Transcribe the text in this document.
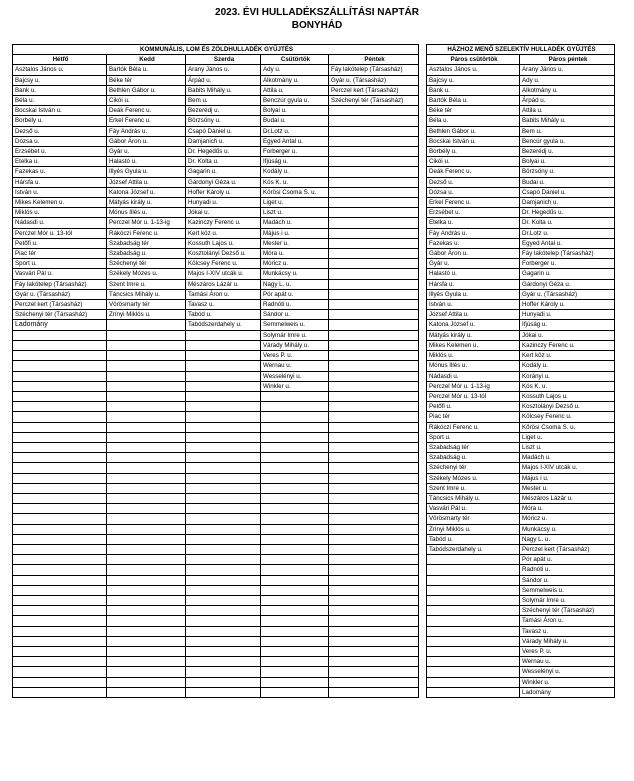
2023. ÉVI HULLADÉKSZÁLLÍTÁSI NAPTÁR
BONYHÁD
KOMMUNÁLIS, LOM ÉS ZÖLDHULLADÉK GYŰJTÉS						HÁZHOZ MENŐ SZELEKTÍV HULLADÉK GYŰJTÉS	
Hétfő	Kedd	Szerda	Csütörtök	Péntek		Páros csütörtök	Páros péntek
Asztalos János u.	Bartók Béla u.	Arany János u.	Ady u.	Fáy lakótelep (Társasház)		Asztalos János u.	Arany János u.
Bajcsy u.	Béke tér	Árpád u.	Alkotmány u.	Gyár u. (Társasház)		Bajcsy u.	Ady u.
Bank u.	Bethlen Gábor u.	Babits Mihály u.	Attila u.	Perczel kert (Társasház)		Bank u.	Alkotmány u.
Béla u.	Cikói u.	Bem u.	Benczúr gyula u.	Széchenyi tér (Társasház)		Bartók Béla u.	Árpád u.
Bocskai István u.	Deák Ferenc u.	Bezerédj u.	Bolyai u.			Béke tér	Attila u.
Borbély u.	Erkel Ferenc u.	Börzsöny u.	Budai u.			Béla u.	Babits Mihály u.
Dezső u.	Fáy András u.	Csapó Dániel u.	Dr.Lotz u.			Bethlen Gábor u.	Bem u.
Dózsa u.	Gábor Áron u.	Damjanich u.	Egyed Antal u.			Bocskai István u.	Bencúr gyula u.
Erzsébet u.	Gyár u.	Dr. Hegedűs u.	Forberger u.			Borbély u.	Bezerédj u.
Etelka u.	Halastó u.	Dr. Kolta u.	Ifjúság u.			Cikói u.	Bolyai u.
Fazekas u.	Illyés Gyula u.	Gagarin u.	Kodály u.			Deák Ferenc u.	Börzsöny u.
Hársfa u.	József Attila u.	Gárdonyi Géza u.	Kós K. u.			Dezső u.	Budai u.
István u.	Katona József u.	Hoffer Károly u.	Körösi Csoma S. u.			Dózsa u.	Csapó Dániel u.
Mikes Kelemen u.	Mátyás király u.	Hunyadi u.	Liget u.			Erkel Ferenc u.	Damjanich u.
Miklós u.	Mónus Illés u.	Jókai u.	Liszt u.			Erzsébet u.	Dr. Hegedűs u.
Nádasdi u.	Perczel Mór u. 1-13-ig	Kazinczy Ferenc u.	Madách u.			Etelka u.	Dr. Kolta u.
Perczel Mór u. 13-tól	Rákóczi Ferenc u.	Kert köz u.	Május i u.			Fáy András u.	Dr.Lotz u.
Petőfi u.	Szabadság tér	Kossuth Lajos u.	Mester u.			Fazekas u.	Egyed Antal u.
Piac tér	Szabadság u.	Kosztolányi Dezső u.	Móra u.			Gábor Áron u.	Fáy lakótelep (Társasház)
Sport u.	Széchenyi tér	Kölcsey Ferenc u.	Móricz u.			Gyár u.	Forberger u.
Vasvári Pál u.	Székely Mózes u.	Majos I-XIV utcák u.	Munkácsy u.			Halastó u.	Gagarin u.
Fáy lakótelep (Társasház)	Szent Imre u.	Mészáros Lázár u.	Nagy L. u.			Hársfa u.	Gárdonyi Géza u.
Gyár u. (Társasház)	Táncsics Mihály u.	Tamási Áron u.	Pór apát u.			Illyés Gyula u.	Gyár u. (Társasház)
Perczel kert (Társasház)	Vörösmarty tér	Tavasz u.	Radnóti u.			István u.	Hoffer Károly u.
Széchenyi tér (Társasház)	Zrínyi Miklós u.	Tabód u.	Sándor u.			József Attila u.	Hunyadi u.
Ladomány		Tabódszerdahely u.	Semmelweis u.			Katona József u.	Ifjúság u.
			Solymár Imre u.			Mátyás király u.	Jókai u.
			Várady Mihály u.			Mikes Kelemen u.	Kazinczy Ferenc u.
			Veres P. u.			Miklós u.	Kert köz u.
			Wernau u.			Mónus Illés u.	Kodály u.
			Wesselényi u.			Nádasdi u.	Korányi u.
			Winkler u.			Perczel Mór u. 1-13-ig	Kós K. u.
						Perczel Mór u. 13-tól	Kossuth Lajos u.
						Petőfi u.	Kosztolányi Dezső u.
						Piac tér	Kölcsey Ferenc u.
						Rákóczi Ferenc u.	Kőrösi Csoma S. u.
						Sport u.	Liget u.
						Szabadság tér	Liszt u.
						Szabadság u.	Madách u.
						Széchenyi tér	Majos I-XIV utcák u.
						Székely Mózes u.	Május i u.
						Szent Imre u.	Mester u.
						Táncsics Mihály u.	Mészáros Lázár u.
						Vasvári Pál u.	Móra u.
						Vörösmarty tér	Móricz u.
						Zrínyi Miklós u.	Munkácsy u.
						Tabód u.	Nagy L. u.
						Tabódszerdahely u.	Perczel kert (Társasház)
							Pór apát u.
							Radnóti u.
							Sándor u.
							Semmelweis u.
							Solymár Imre u.
							Széchenyi tér (Társasház)
							Tamási Áron u.
							Tavasz u.
							Várady Mihály u.
							Veres P. u.
							Wernau u.
							Wesselényi u.
							Winkler u.
							Ladomány
